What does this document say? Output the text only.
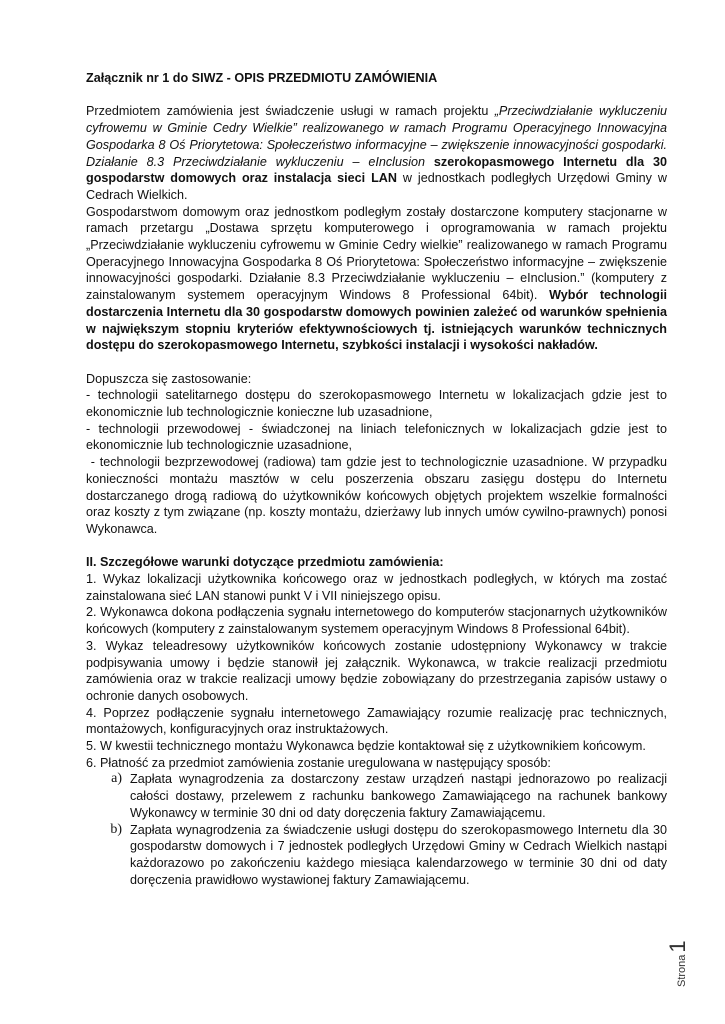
Załącznik nr 1 do SIWZ - OPIS PRZEDMIOTU ZAMÓWIENIA

Przedmiotem zamówienia jest świadczenie usługi w ramach projektu „Przeciwdziałanie wykluczeniu cyfrowemu w Gminie Cedry Wielkie” realizowanego w ramach Programu Operacyjnego Innowacyjna Gospodarka 8 Oś Priorytetowa: Społeczeństwo informacyjne – zwiększenie innowacyjności gospodarki. Działanie 8.3 Przeciwdziałanie wykluczeniu – eInclusion szerokopasmowego Internetu dla 30 gospodarstw domowych oraz instalacja sieci LAN w jednostkach podległych Urzędowi Gminy w Cedrach Wielkich.

Gospodarstwom domowym oraz jednostkom podległym zostały dostarczone komputery stacjonarne w ramach przetargu „Dostawa sprzętu komputerowego i oprogramowania w ramach projektu „Przeciwdziałanie wykluczeniu cyfrowemu w Gminie Cedry wielkie” realizowanego w ramach Programu Operacyjnego Innowacyjna Gospodarka 8 Oś Priorytetowa: Społeczeństwo informacyjne – zwiększenie innowacyjności gospodarki. Działanie 8.3 Przeciwdziałanie wykluczeniu – eInclusion.” (komputery z zainstalowanym systemem operacyjnym Windows 8 Professional 64bit). Wybór technologii dostarczenia Internetu dla 30 gospodarstw domowych powinien zależeć od warunków spełnienia w największym stopniu kryteriów efektywnościowych tj. istniejących warunków technicznych dostępu do szerokopasmowego Internetu, szybkości instalacji i wysokości nakładów.

Dopuszcza się zastosowanie:

- technologii satelitarnego dostępu do szerokopasmowego Internetu w lokalizacjach gdzie jest to ekonomicznie lub technologicznie konieczne lub uzasadnione,

- technologii przewodowej - świadczonej na liniach telefonicznych w lokalizacjach gdzie jest to ekonomicznie lub technologicznie uzasadnione,

- technologii bezprzewodowej (radiowa) tam gdzie jest to technologicznie uzasadnione. W przypadku konieczności montażu masztów w celu poszerzenia obszaru zasięgu dostępu do Internetu dostarczanego drogą radiową do użytkowników końcowych objętych projektem wszelkie formalności oraz koszty z tym związane (np. koszty montażu, dzierżawy lub innych umów cywilno-prawnych) ponosi Wykonawca.

II. Szczegółowe warunki dotyczące przedmiotu zamówienia:

1. Wykaz lokalizacji użytkownika końcowego oraz w jednostkach podległych, w których ma zostać zainstalowana sieć LAN stanowi punkt V i VII niniejszego opisu.

2. Wykonawca dokona podłączenia sygnału internetowego do komputerów stacjonarnych użytkowników końcowych (komputery z zainstalowanym systemem operacyjnym Windows 8 Professional 64bit).

3. Wykaz teleadresowy użytkowników końcowych zostanie udostępniony Wykonawcy w trakcie podpisywania umowy i będzie stanowił jej załącznik. Wykonawca, w trakcie realizacji przedmiotu zamówienia oraz w trakcie realizacji umowy będzie zobowiązany do przestrzegania zapisów ustawy o ochronie danych osobowych.

4. Poprzez podłączenie sygnału internetowego Zamawiający rozumie realizację prac technicznych, montażowych, konfiguracyjnych oraz instruktażowych.

5. W kwestii technicznego montażu Wykonawca będzie kontaktował się z użytkownikiem końcowym.

6. Płatność za przedmiot zamówienia zostanie uregulowana w następujący sposób:

a) Zapłata wynagrodzenia za dostarczony zestaw urządzeń nastąpi jednorazowo po realizacji całości dostawy, przelewem z rachunku bankowego Zamawiającego na rachunek bankowy Wykonawcy w terminie 30 dni od daty doręczenia faktury Zamawiającemu.
b) Zapłata wynagrodzenia za świadczenie usługi dostępu do szerokopasmowego Internetu dla 30 gospodarstw domowych i 7 jednostek podległych Urzędowi Gminy w Cedrach Wielkich nastąpi każdorazowo po zakończeniu każdego miesiąca kalendarzowego w terminie 30 dni od daty doręczenia prawidłowo wystawionej faktury Zamawiającemu.
Strona1
